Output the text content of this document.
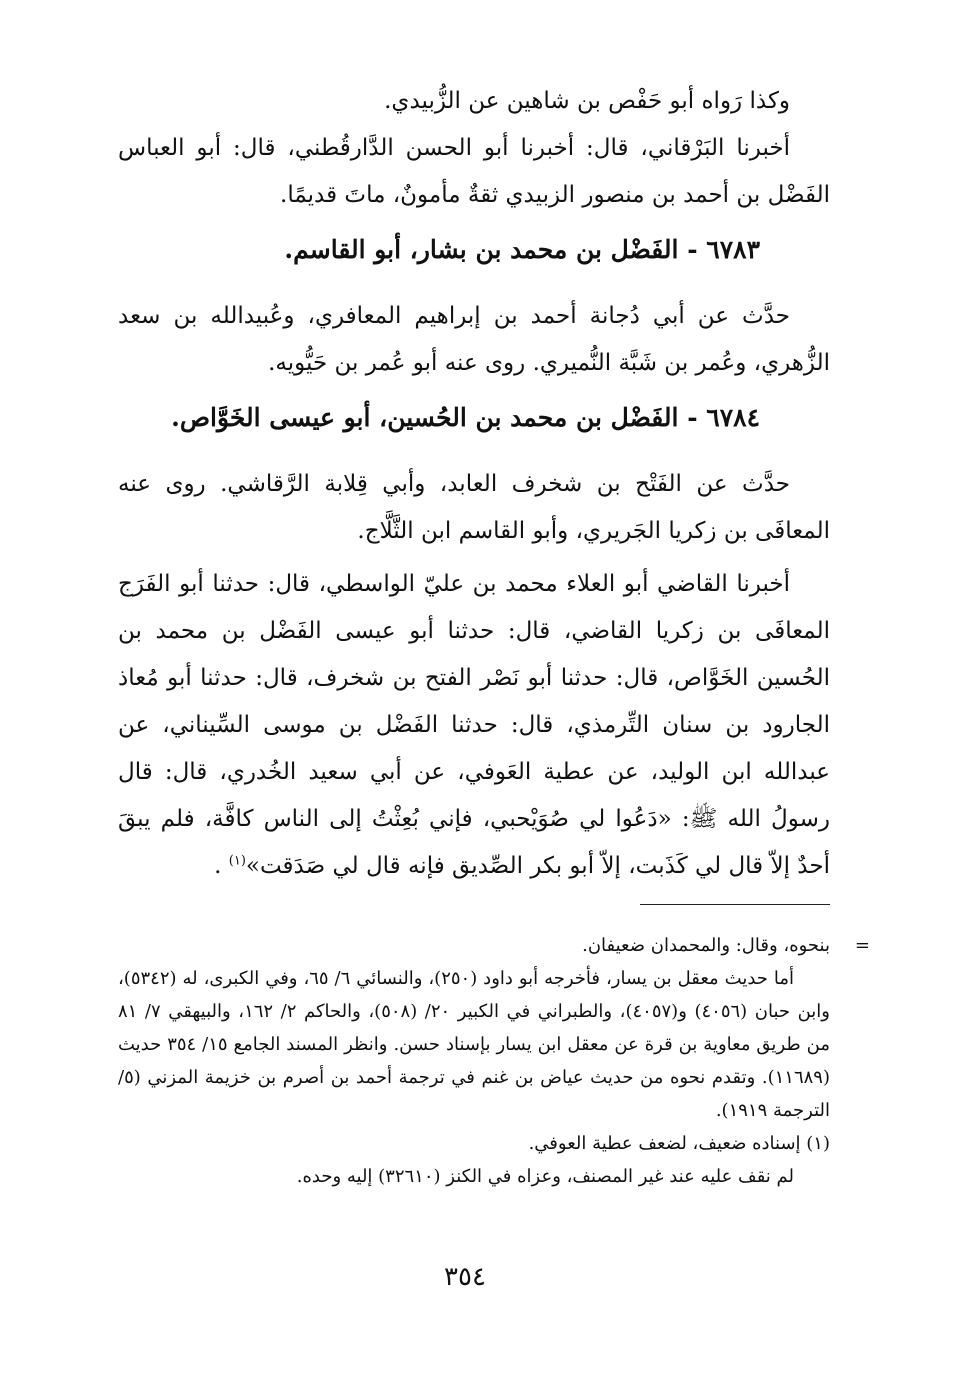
وكذا رَواه أبو حَفْص بن شاهين عن الزُّبيدي.

أخبرنا البَرْقاني، قال: أخبرنا أبو الحسن الدَّارقُطني، قال: أبو العباس الفَضْل بن أحمد بن منصور الزبيدي ثقةٌ مأمونٌ، ماتَ قديمًا.

٦٧٨٣ - الفَضْل بن محمد بن بشار، أبو القاسم.

حدَّث عن أبي دُجانة أحمد بن إبراهيم المعافري، وعُبيدالله بن سعد الزُّهري، وعُمر بن شَبَّة النُّميري. روى عنه أبو عُمر بن حَيُّويه.

٦٧٨٤ - الفَضْل بن محمد بن الحُسين، أبو عيسى الخَوَّاص.

حدَّث عن الفَتْح بن شخرف العابد، وأبي قِلابة الرَّقاشي. روى عنه المعافَى بن زكريا الجَريري، وأبو القاسم ابن الثَّلَّاج.

أخبرنا القاضي أبو العلاء محمد بن عليّ الواسطي، قال: حدثنا أبو الفَرَج المعافَى بن زكريا القاضي، قال: حدثنا أبو عيسى الفَضْل بن محمد بن الحُسين الخَوَّاص، قال: حدثنا أبو نَصْر الفتح بن شخرف، قال: حدثنا أبو مُعاذ الجارود بن سنان التِّرمذي، قال: حدثنا الفَضْل بن موسى السِّيناني، عن عبدالله ابن الوليد، عن عطية العَوفي، عن أبي سعيد الخُدري، قال: قال رسولُ الله ﷺ: «دَعُوا لي صُوَيْحبي، فإني بُعِثْتُ إلى الناس كافَّة، فلم يبقَ أحدٌ إلاّ قال لي كَذَبت، إلاّ أبو بكر الصِّديق فإنه قال لي صَدَقت»$^{(١)}$ .

=
بنحوه، وقال: والمحمدان ضعيفان.

أما حديث معقل بن يسار، فأخرجه أبو داود (٢٥٠)، والنسائي ٦/ ٦٥، وفي الكبرى، له (٥٣٤٢)، وابن حبان (٤٠٥٦) و(٤٠٥٧)، والطبراني في الكبير ٢٠/ (٥٠٨)، والحاكم ٢/ ١٦٢، والبيهقي ٧/ ٨١ من طريق معاوية بن قرة عن معقل ابن يسار بإسناد حسن. وانظر المسند الجامع ١٥/ ٣٥٤ حديث (١١٦٨٩). وتقدم نحوه من حديث عياض بن غنم في ترجمة أحمد بن أصرم بن خزيمة المزني (٥/ الترجمة ١٩١٩).

(١) إسناده ضعيف، لضعف عطية العوفي.

لم نقف عليه عند غير المصنف، وعزاه في الكنز (٣٢٦١٠) إليه وحده.

٣٥٤
